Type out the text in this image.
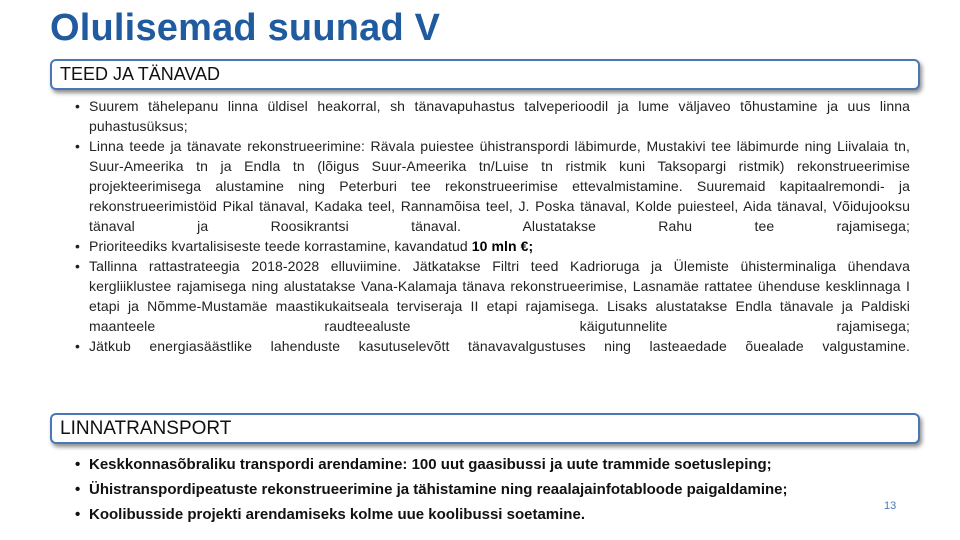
Olulisemad suunad V
TEED JA TÄNAVAD
• Suurem tähelepanu linna üldisel heakorral, sh tänavapuhastus talveperioodil ja lume väljaveo tõhustamine ja uus linna puhastusüksus;
• Linna teede ja tänavate rekonstrueerimine: Rävala puiestee ühistranspordi läbimurde, Mustakivi tee läbimurde ning Liivalaia tn, Suur-Ameerika tn ja Endla tn (lõigus Suur-Ameerika tn/Luise tn ristmik kuni Taksopargi ristmik) rekonstrueerimise projekteerimisega alustamine ning Peterburi tee rekonstrueerimise ettevalmistamine. Suuremaid kapitaalremondi- ja rekonstrueerimistöid Pikal tänaval, Kadaka teel, Rannamõisa teel, J. Poska tänaval, Kolde puiesteel, Aida tänaval, Võidujooksu tänaval ja Roosikrantsi tänaval. Alustatakse Rahu tee rajamisega;
• Prioriteediks kvartalisiseste teede korrastamine, kavandatud 10 mln €;
• Tallinna rattastrateegia 2018-2028 elluviimine. Jätkatakse Filtri teed Kadrioruga ja Ülemiste ühisterminaliga ühendava kergliiklustee rajamisega ning alustatakse Vana-Kalamaja tänava rekonstrueerimise, Lasnamäe rattatee ühenduse kesklinnaga I etapi ja Nõmme-Mustamäe maastikukaitseala terviseraja II etapi rajamisega. Lisaks alustatakse Endla tänavale ja Paldiski maanteele raudteealuste käigutunnelite rajamisega;
• Jätkub energiasäästlike lahenduste kasutuselevõtt tänavavalgustuses ning lasteaedade õuealade valgustamine.
LINNATRANSPORT
• Keskkonnasõbraliku transpordi arendamine: 100 uut gaasibussi ja uute trammide soetusleping;
• Ühistranspordipeatuste rekonstrueerimine ja tähistamine ning reaalajainfotabloode paigaldamine;
• Koolibusside projekti arendamiseks kolme uue koolibussi soetamine.	13
